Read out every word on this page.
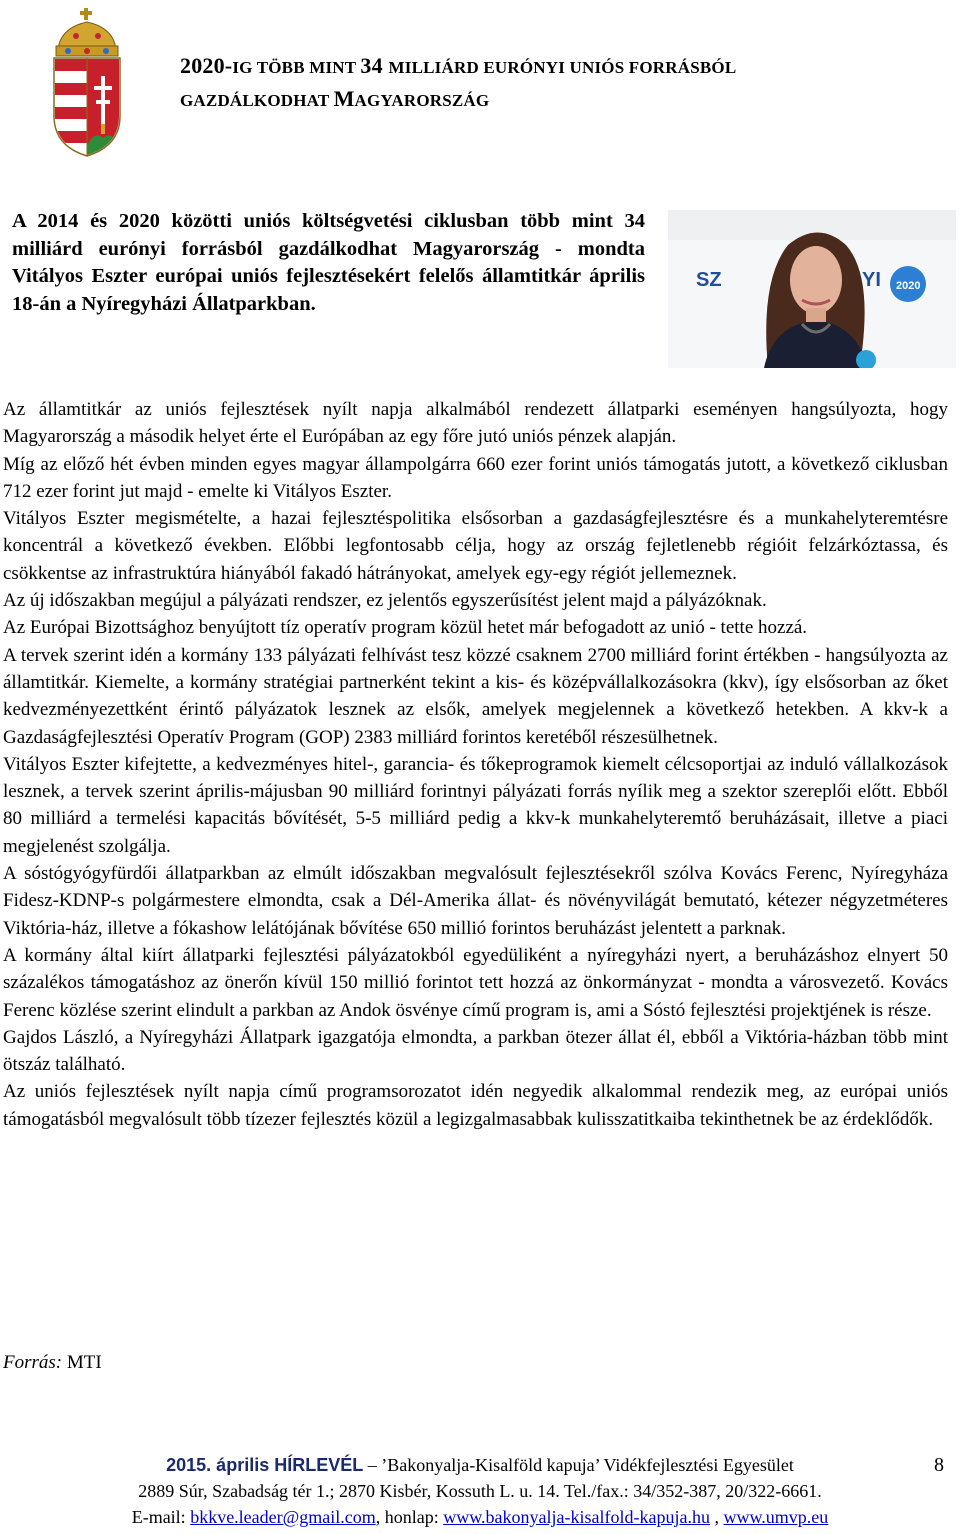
2020-IG TÖBB MINT 34 MILLIÁRD EURÓNYI UNIÓS FORRÁSBÓL
GAZDÁLKODHAT MAGYARORSZÁG

A 2014 és 2020 közötti uniós költségvetési ciklusban több mint 34 milliárd eurónyi forrásból gazdálkodhat Magyarország - mondta Vitályos Eszter európai uniós fejlesztésekért felelős államtitkár április 18-án a Nyíregyházi Állatparkban.

SZ	YI 2020

Az államtitkár az uniós fejlesztések nyílt napja alkalmából rendezett állatparki eseményen hangsúlyozta, hogy Magyarország a második helyet érte el Európában az egy főre jutó uniós pénzek alapján.

Míg az előző hét évben minden egyes magyar állampolgárra 660 ezer forint uniós támogatás jutott, a következő ciklusban 712 ezer forint jut majd - emelte ki Vitályos Eszter.

Vitályos Eszter megismételte, a hazai fejlesztéspolitika elsősorban a gazdaságfejlesztésre és a munkahelyteremtésre koncentrál a következő években. Előbbi legfontosabb célja, hogy az ország fejletlenebb régióit felzárkóztassa, és csökkentse az infrastruktúra hiányából fakadó hátrányokat, amelyek egy-egy régiót jellemeznek.

Az új időszakban megújul a pályázati rendszer, ez jelentős egyszerűsítést jelent majd a pályázóknak.

Az Európai Bizottsághoz benyújtott tíz operatív program közül hetet már befogadott az unió - tette hozzá.

A tervek szerint idén a kormány 133 pályázati felhívást tesz közzé csaknem 2700 milliárd forint értékben - hangsúlyozta az államtitkár. Kiemelte, a kormány stratégiai partnerként tekint a kis- és középvállalkozásokra (kkv), így elsősorban az őket kedvezményezettként érintő pályázatok lesznek az elsők, amelyek megjelennek a következő hetekben. A kkv-k a Gazdaságfejlesztési Operatív Program (GOP) 2383 milliárd forintos keretéből részesülhetnek.

Vitályos Eszter kifejtette, a kedvezményes hitel-, garancia- és tőkeprogramok kiemelt célcsoportjai az induló vállalkozások lesznek, a tervek szerint április-májusban 90 milliárd forintnyi pályázati forrás nyílik meg a szektor szereplői előtt. Ebből 80 milliárd a termelési kapacitás bővítését, 5-5 milliárd pedig a kkv-k munkahelyteremtő beruházásait, illetve a piaci megjelenést szolgálja.

A sóstógyógyfürdői állatparkban az elmúlt időszakban megvalósult fejlesztésekről szólva Kovács Ferenc, Nyíregyháza Fidesz-KDNP-s polgármestere elmondta, csak a Dél-Amerika állat- és növényvilágát bemutató, kétezer négyzetméteres Viktória-ház, illetve a fókashow lelátójának bővítése 650 millió forintos beruházást jelentett a parknak.

A kormány által kiírt állatparki fejlesztési pályázatokból egyedüliként a nyíregyházi nyert, a beruházáshoz elnyert 50 százalékos támogatáshoz az önerőn kívül 150 millió forintot tett hozzá az önkormányzat - mondta a városvezető. Kovács Ferenc közlése szerint elindult a parkban az Andok ösvénye című program is, ami a Sóstó fejlesztési projektjének is része.

Gajdos László, a Nyíregyházi Állatpark igazgatója elmondta, a parkban ötezer állat él, ebből a Viktória-házban több mint ötszáz található.

Az uniós fejlesztések nyílt napja című programsorozatot idén negyedik alkalommal rendezik meg, az európai uniós támogatásból megvalósult több tízezer fejlesztés közül a legizgalmasabbak kulisszatitkaiba tekinthetnek be az érdeklődők.

Forrás: MTI
2015. április HÍRLEVÉL – ’Bakonyalja-Kisalföld kapuja’ Vidékfejlesztési Egyesület
2889 Súr, Szabadság tér 1.; 2870 Kisbér, Kossuth L. u. 14. Tel./fax.: 34/352-387, 20/322-6661.
E-mail: bkkve.leader@gmail.com, honlap: www.bakonyalja-kisalfold-kapuja.hu , www.umvp.eu
8
